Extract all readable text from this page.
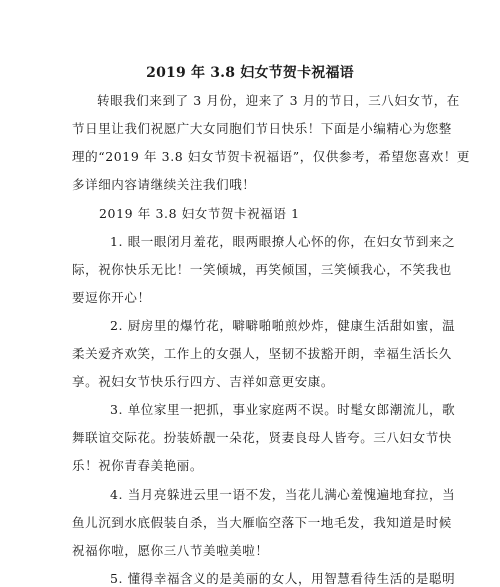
2019 年 3.8 妇女节贺卡祝福语
转眼我们来到了 3 月份，迎来了 3 月的节日，三八妇女节，在
节日里让我们祝愿广大女同胞们节日快乐！下面是小编精心为您整
理的“2019 年 3.8 妇女节贺卡祝福语”，仅供参考，希望您喜欢！更
多详细内容请继续关注我们哦！
2019 年 3.8 妇女节贺卡祝福语 1
1. 眼一眼闭月羞花，眼两眼撩人心怀的你，在妇女节到来之
际，祝你快乐无比！一笑倾城，再笑倾国，三笑倾我心，不笑我也
要逗你开心！
2. 厨房里的爆竹花，噼噼啪啪煎炒炸，健康生活甜如蜜，温
柔关爱齐欢笑，工作上的女强人，坚韧不拔豁开朗，幸福生活长久
享。祝妇女节快乐行四方、吉祥如意更安康。
3. 单位家里一把抓，事业家庭两不误。时髦女郎潮流儿，歌
舞联谊交际花。扮装娇靓一朵花，贤妻良母人皆夸。三八妇女节快
乐！祝你青春美艳丽。
4. 当月亮躲进云里一语不发，当花儿满心羞愧遍地耷拉，当
鱼儿沉到水底假装自杀，当大雁临空落下一地毛发，我知道是时候
祝福你啦，愿你三八节美啦美啦！
5. 懂得幸福含义的是美丽的女人，用智慧看待生活的是聪明
